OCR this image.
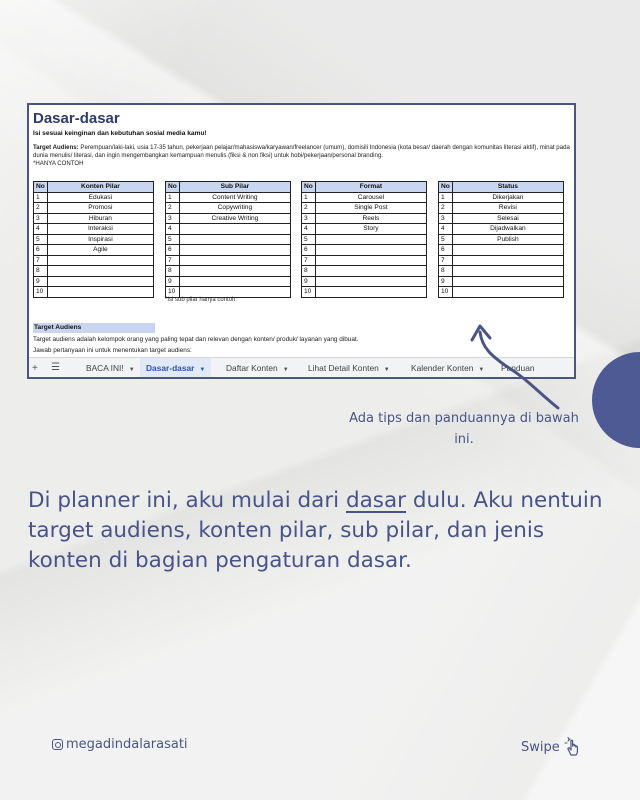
Dasar-dasar
Isi sesuai keinginan dan kebutuhan sosial media kamu!
Target Audiens: Perempuan/laki-laki, usia 17-35 tahun, pekerjaan pelajar/mahasiswa/karyawan/freelancer (umum), domisili Indonesia (kota besar/ daerah dengan komunitas literasi aktif), minat pada dunia menulis/ literasi, dan ingin mengembangkan kemampuan menulis (fiksi & non fiksi) untuk hobi/pekerjaan/personal branding.
*HANYA CONTOH
No	Konten Pilar
1	Edukasi
2	Promosi
3	Hiburan
4	Interaksi
5	Inspirasi
6	Agile
7	
8	
9	
10	
No	Sub Pilar
1	Content Writing
2	Copywriting
3	Creative Writing
4	
5	
6	
7	
8	
9	
10	
No	Format
1	Carousel
2	Single Post
3	Reels
4	Story
5	
6	
7	
8	
9	
10	
No	Status
1	Dikerjakan
2	Revisi
3	Selesai
4	Dijadwalkan
5	Publish
6	
7	
8	
9	
10	
*Isi sub pilar hanya contoh
Target Audiens
Target audiens adalah kelompok orang yang paling tepat dan relevan dengan konten/ produk/ layanan yang dibuat.
Jawab pertanyaan ini untuk menentukan target audiens:
+ ☰	BACA INI! ▼	Dasar-dasar ▼	Daftar Konten ▼ Lihat Detail Konten ▼	Kalender Konten ▼ Panduan
Ada tips dan panduannya di bawah ini.
Di planner ini, aku mulai dari dasar dulu. Aku nentuin target audiens, konten pilar, sub pilar, dan jenis konten di bagian pengaturan dasar.
megadindalarasati	Swipe
